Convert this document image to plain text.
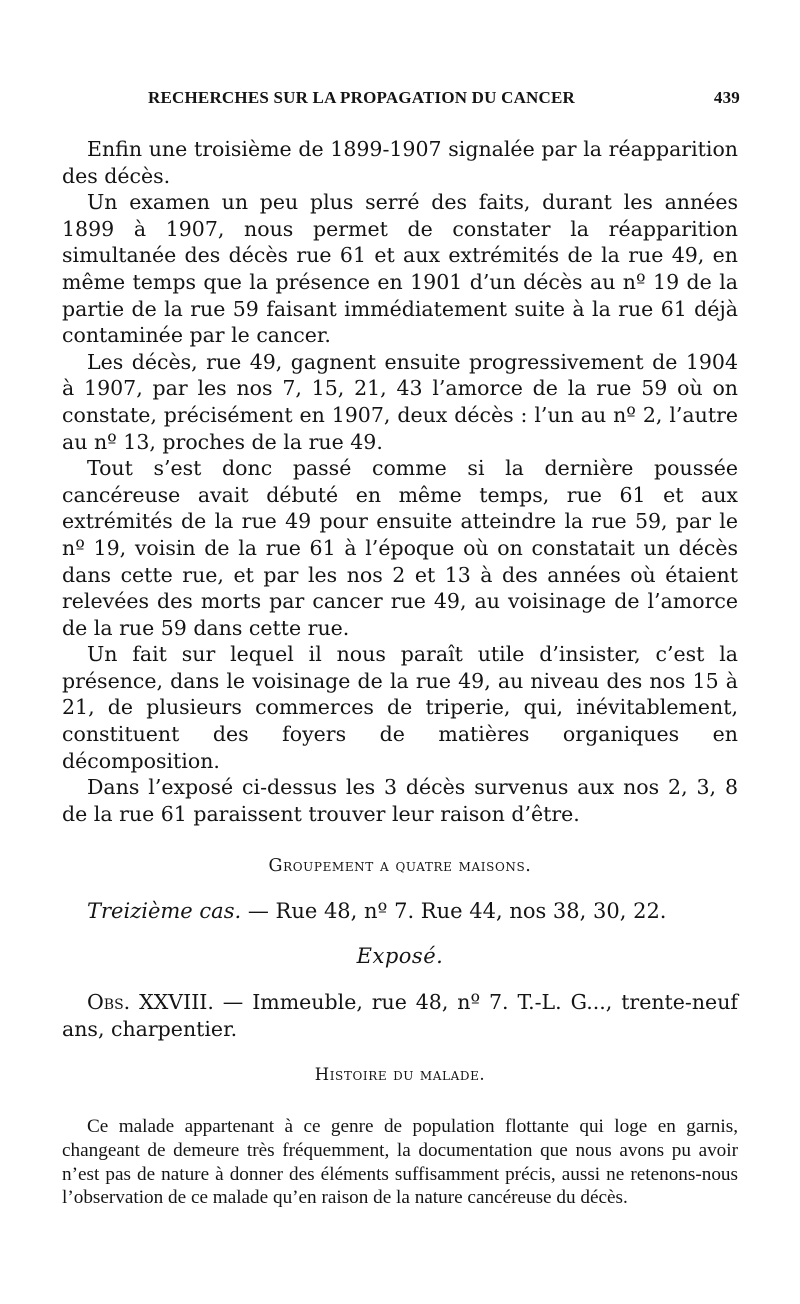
RECHERCHES SUR LA PROPAGATION DU CANCER	439

Enfin une troisième de 1899-1907 signalée par la réapparition des décès.

Un examen un peu plus serré des faits, durant les années 1899 à 1907, nous permet de constater la réapparition simultanée des décès rue 61 et aux extrémités de la rue 49, en même temps que la présence en 1901 d’un décès au nº 19 de la partie de la rue 59 faisant immédiatement suite à la rue 61 déjà contaminée par le cancer.

Les décès, rue 49, gagnent ensuite progressivement de 1904 à 1907, par les nos 7, 15, 21, 43 l’amorce de la rue 59 où on constate, précisément en 1907, deux décès : l’un au nº 2, l’autre au nº 13, proches de la rue 49.

Tout s’est donc passé comme si la dernière poussée cancéreuse avait débuté en même temps, rue 61 et aux extrémités de la rue 49 pour ensuite atteindre la rue 59, par le nº 19, voisin de la rue 61 à l’époque où on constatait un décès dans cette rue, et par les nos 2 et 13 à des années où étaient relevées des morts par cancer rue 49, au voisinage de l’amorce de la rue 59 dans cette rue.

Un fait sur lequel il nous paraît utile d’insister, c’est la présence, dans le voisinage de la rue 49, au niveau des nos 15 à 21, de plusieurs commerces de triperie, qui, inévitablement, constituent des foyers de matières organiques en décomposition.

Dans l’exposé ci-dessus les 3 décès survenus aux nos 2, 3, 8 de la rue 61 paraissent trouver leur raison d’être.

Groupement a quatre maisons.

Treizième cas. — Rue 48, nº 7. Rue 44, nos 38, 30, 22.

Exposé.

Obs. XXVIII. — Immeuble, rue 48, nº 7. T.-L. G..., trente-neuf ans, charpentier.

Histoire du malade.

Ce malade appartenant à ce genre de population flottante qui loge en garnis, changeant de demeure très fréquemment, la documentation que nous avons pu avoir n’est pas de nature à donner des éléments suffisamment précis, aussi ne retenons-nous l’observation de ce malade qu’en raison de la nature cancéreuse du décès.
